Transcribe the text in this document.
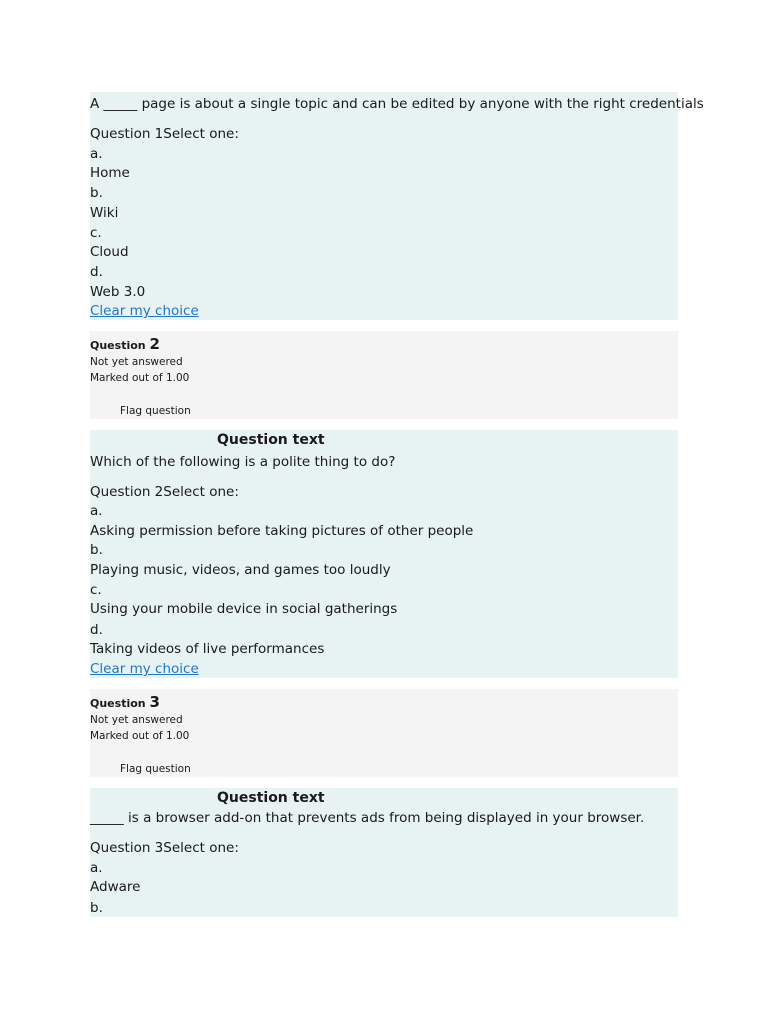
A _____ page is about a single topic and can be edited by anyone with the right credentials
Question 1Select one:
a.
Home
b.
Wiki
c.
Cloud
d.
Web 3.0
Clear my choice
Question 2
Not yet answered
Marked out of 1.00
Flag question
Question text
Which of the following is a polite thing to do?
Question 2Select one:
a.
Asking permission before taking pictures of other people
b.
Playing music, videos, and games too loudly
c.
Using your mobile device in social gatherings
d.
Taking videos of live performances
Clear my choice
Question 3
Not yet answered
Marked out of 1.00
Flag question
Question text
_____ is a browser add-on that prevents ads from being displayed in your browser.
Question 3Select one:
a.
Adware
b.
